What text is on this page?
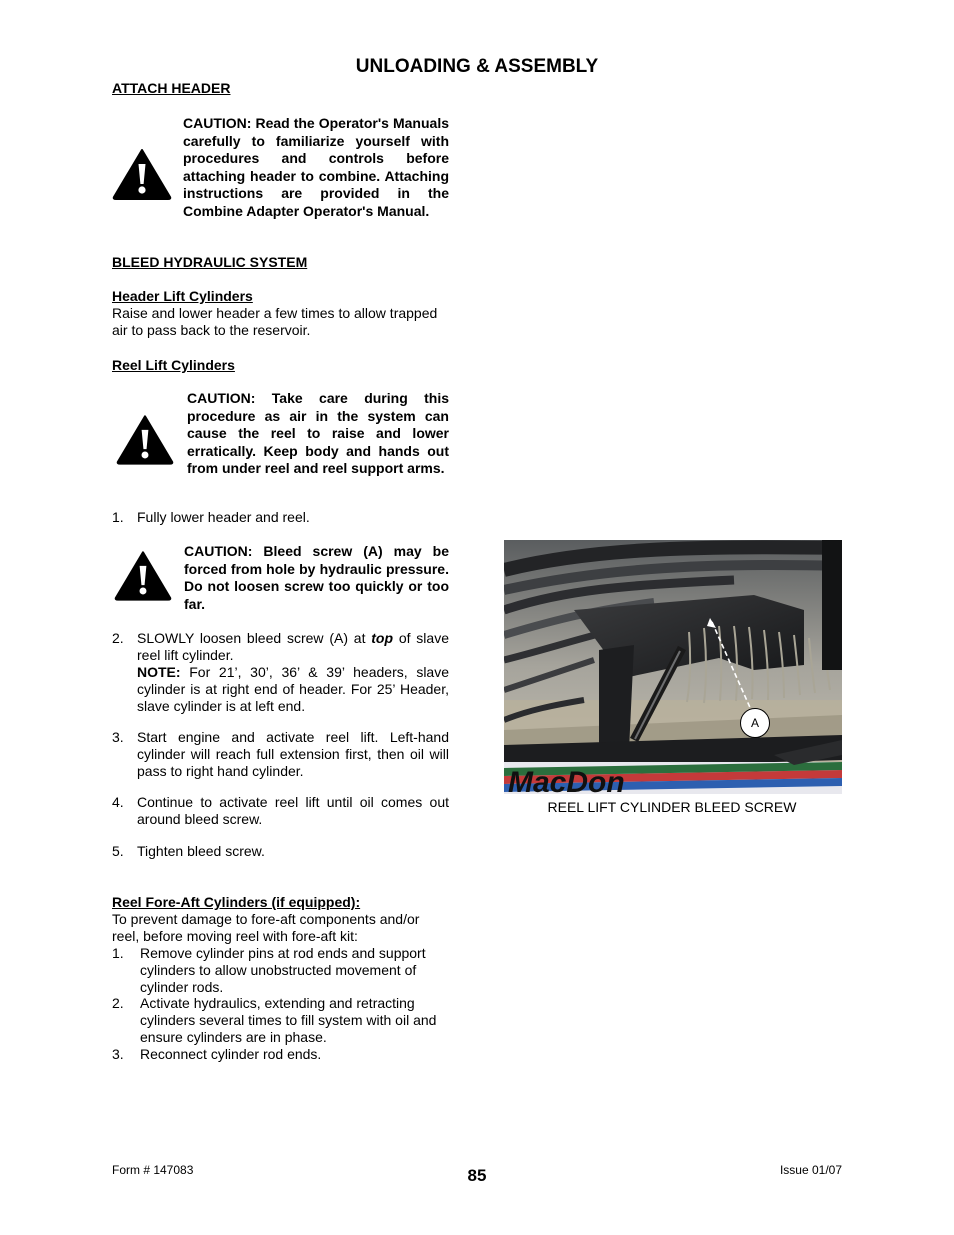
UNLOADING & ASSEMBLY
ATTACH HEADER
CAUTION: Read the Operator's Manuals carefully to familiarize yourself with procedures and controls before attaching header to combine. Attaching instructions are provided in the Combine Adapter Operator's Manual.
BLEED HYDRAULIC SYSTEM
Header Lift Cylinders
Raise and lower header a few times to allow trapped air to pass back to the reservoir.
Reel Lift Cylinders
CAUTION: Take care during this procedure as air in the system can cause the reel to raise and lower erratically. Keep body and hands out from under reel and reel support arms.
1. Fully lower header and reel.
CAUTION: Bleed screw (A) may be forced from hole by hydraulic pressure. Do not loosen screw too quickly or too far.
2. SLOWLY loosen bleed screw (A) at top of slave reel lift cylinder.
NOTE: For 21’, 30’, 36’ & 39’ headers, slave cylinder is at right end of header. For 25’ Header, slave cylinder is at left end.
3. Start engine and activate reel lift. Left-hand cylinder will reach full extension first, then oil will pass to right hand cylinder.
4. Continue to activate reel lift until oil comes out around bleed screw.
5. Tighten bleed screw.
Reel Fore-Aft Cylinders (if equipped):
To prevent damage to fore-aft components and/or reel, before moving reel with fore-aft kit:
1. Remove cylinder pins at rod ends and support cylinders to allow unobstructed movement of cylinder rods.
2. Activate hydraulics, extending and retracting cylinders several times to fill system with oil and ensure cylinders are in phase.
3. Reconnect cylinder rod ends.
MacDon
A
REEL LIFT CYLINDER BLEED SCREW
Form # 147083	85	Issue 01/07
